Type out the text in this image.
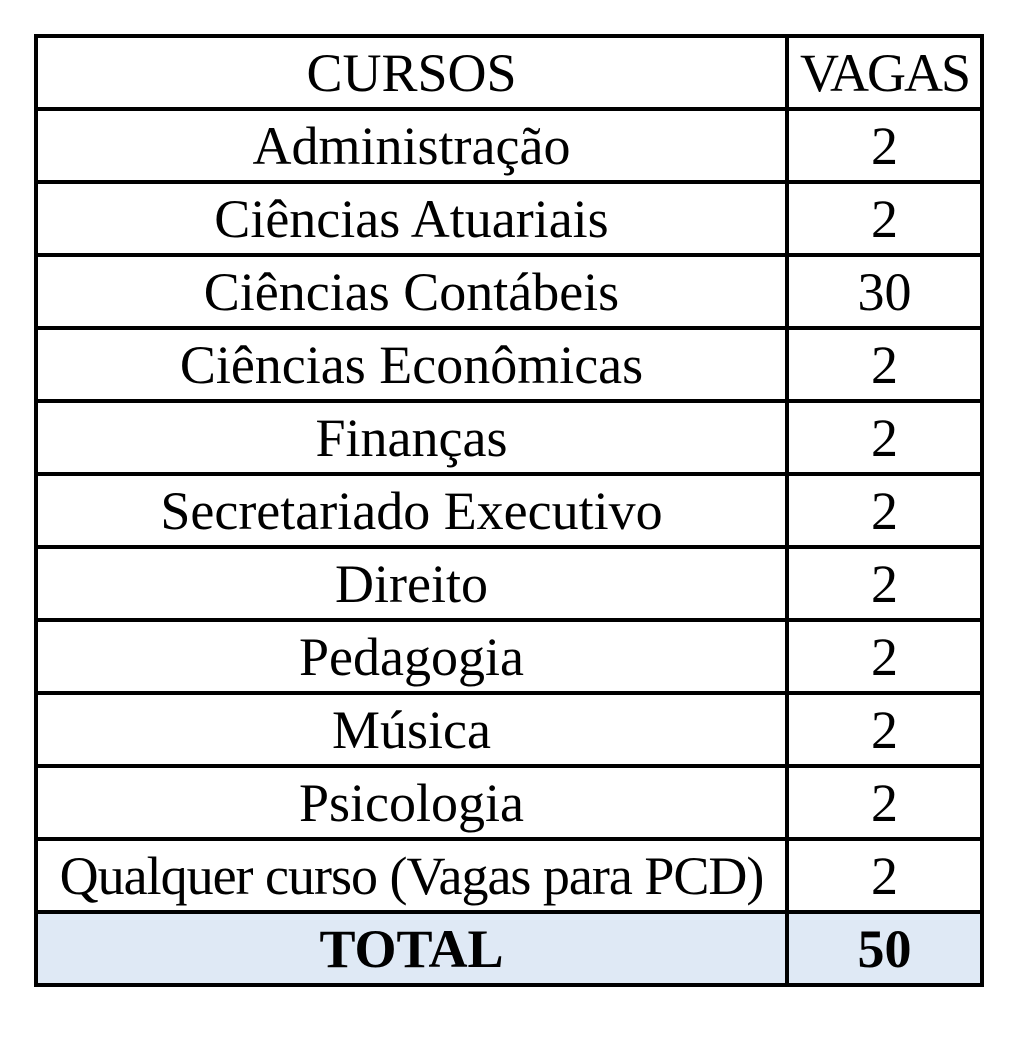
CURSOS	VAGAS
Administração	2
Ciências Atuariais	2
Ciências Contábeis	30
Ciências Econômicas	2
Finanças	2
Secretariado Executivo	2
Direito	2
Pedagogia	2
Música	2
Psicologia	2
Qualquer curso (Vagas para PCD)	2
TOTAL	50
